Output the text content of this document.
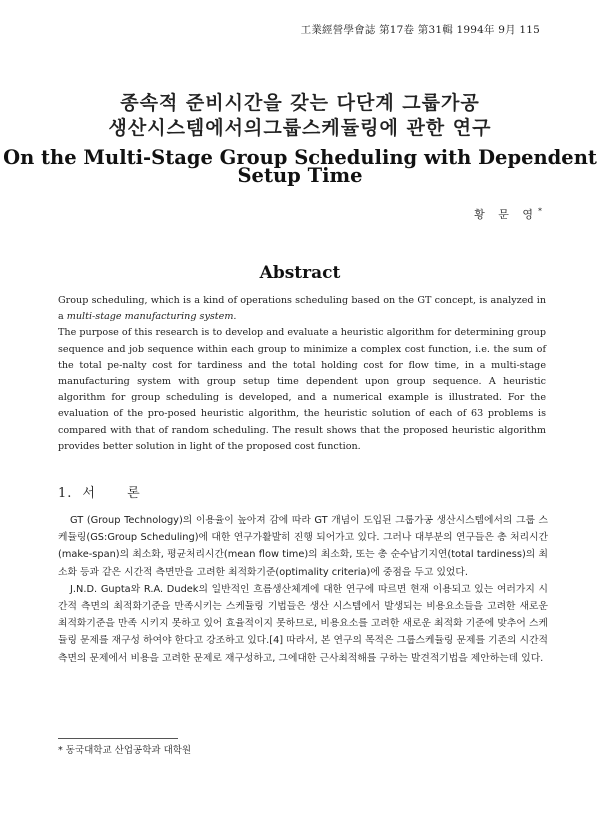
工業經營學會誌 第17卷 第31輯 1994年 9月 115
종속적 준비시간을 갖는 다단계 그룹가공
생산시스템에서의그룹스케듈링에 관한 연구
On the Multi-Stage Group Scheduling with Dependent
Setup Time
황 문 영*
Abstract

Group scheduling, which is a kind of operations scheduling based on the GT concept, is analyzed in a multi-stage manufacturing system.

The purpose of this research is to develop and evaluate a heuristic algorithm for determining group sequence and job sequence within each group to minimize a complex cost function, i.e. the sum of the total pe-nalty cost for tardiness and the total holding cost for flow time, in a multi-stage manufacturing system with group setup time dependent upon group sequence. A heuristic algorithm for group scheduling is developed, and a numerical example is illustrated. For the evaluation of the pro-posed heuristic algorithm, the heuristic solution of each of 63 problems is compared with that of random scheduling. The result shows that the proposed heuristic algorithm provides better solution in light of the proposed cost function.

1. 서 론

GT (Group Technology)의 이용율이 높아져 감에 따라 GT 개념이 도입된 그룹가공 생산시스템에서의 그룹 스케듈링(GS:Group Scheduling)에 대한 연구가활발히 진행 되어가고 있다. 그러나 대부분의 연구들은 총 처리시간(make-span)의 최소화, 평균처리시간(mean flow time)의 최소화, 또는 총 순수납기지연(total tardiness)의 최소화 등과 같은 시간적 측면만을 고려한 최적화기준(optimality criteria)에 중점을 두고 있었다.

J.N.D. Gupta와 R.A. Dudek의 일반적인 흐름생산체계에 대한 연구에 따르면 현재 이용되고 있는 여러가지 시간적 측면의 최적화기준을 만족시키는 스케듈링 기법들은 생산 시스템에서 발생되는 비용요소들을 고려한 새로운 최적화기준을 만족 시키지 못하고 있어 효율적이지 못하므로, 비용요소를 고려한 새로운 최적화 기준에 맞추어 스케듈링 문제를 재구성 하여야 한다고 강조하고 있다.[4] 따라서, 본 연구의 목적은 그룹스케듈링 문제를 기존의 시간적 측면의 문제에서 비용을 고려한 문제로 재구성하고, 그에대한 근사최적해를 구하는 발견적기법을 제안하는데 있다.

* 동국대학교 산업공학과 대학원
